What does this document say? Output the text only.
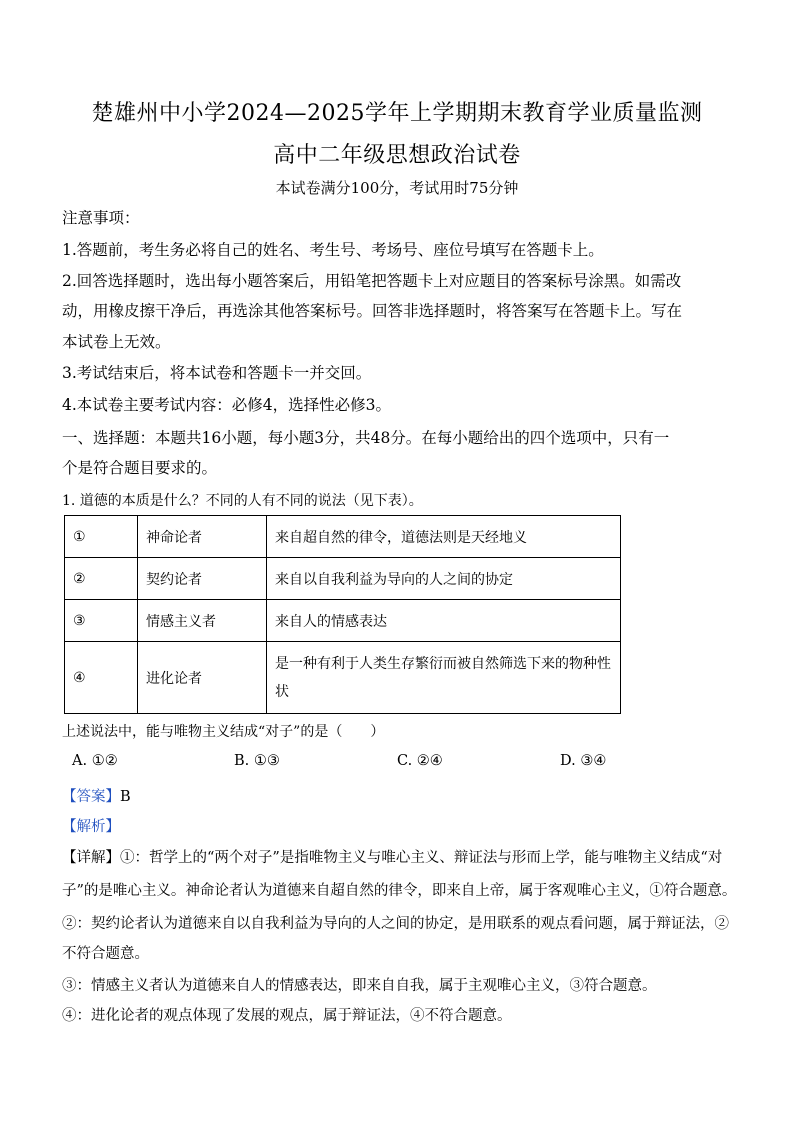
楚雄州中小学2024—2025学年上学期期末教育学业质量监测
高中二年级思想政治试卷
本试卷满分100分，考试用时75分钟
注意事项：
1.答题前，考生务必将自己的姓名、考生号、考场号、座位号填写在答题卡上。
2.回答选择题时，选出每小题答案后，用铅笔把答题卡上对应题目的答案标号涂黑。如需改
动，用橡皮擦干净后，再选涂其他答案标号。回答非选择题时，将答案写在答题卡上。写在
本试卷上无效。
3.考试结束后，将本试卷和答题卡一并交回。
4.本试卷主要考试内容：必修4，选择性必修3。
一、选择题：本题共16小题，每小题3分，共48分。在每小题给出的四个选项中，只有一
个是符合题目要求的。
1. 道德的本质是什么？不同的人有不同的说法（见下表）。
①	神命论者	来自超自然的律令，道德法则是天经地义
②	契约论者	来自以自我利益为导向的人之间的协定
③	情感主义者	来自人的情感表达
④	进化论者	是一种有利于人类生存繁衍而被自然筛选下来的物种性
状
上述说法中，能与唯物主义结成“对子”的是（　　）
A. ①②	B. ①③	C. ②④	D. ③④
【答案】B
【解析】
【详解】①：哲学上的“两个对子”是指唯物主义与唯心主义、辩证法与形而上学，能与唯物主义结成“对
子”的是唯心主义。神命论者认为道德来自超自然的律令，即来自上帝，属于客观唯心主义，①符合题意。
②：契约论者认为道德来自以自我利益为导向的人之间的协定，是用联系的观点看问题，属于辩证法，②
不符合题意。
③：情感主义者认为道德来自人的情感表达，即来自自我，属于主观唯心主义，③符合题意。
④：进化论者的观点体现了发展的观点，属于辩证法，④不符合题意。
